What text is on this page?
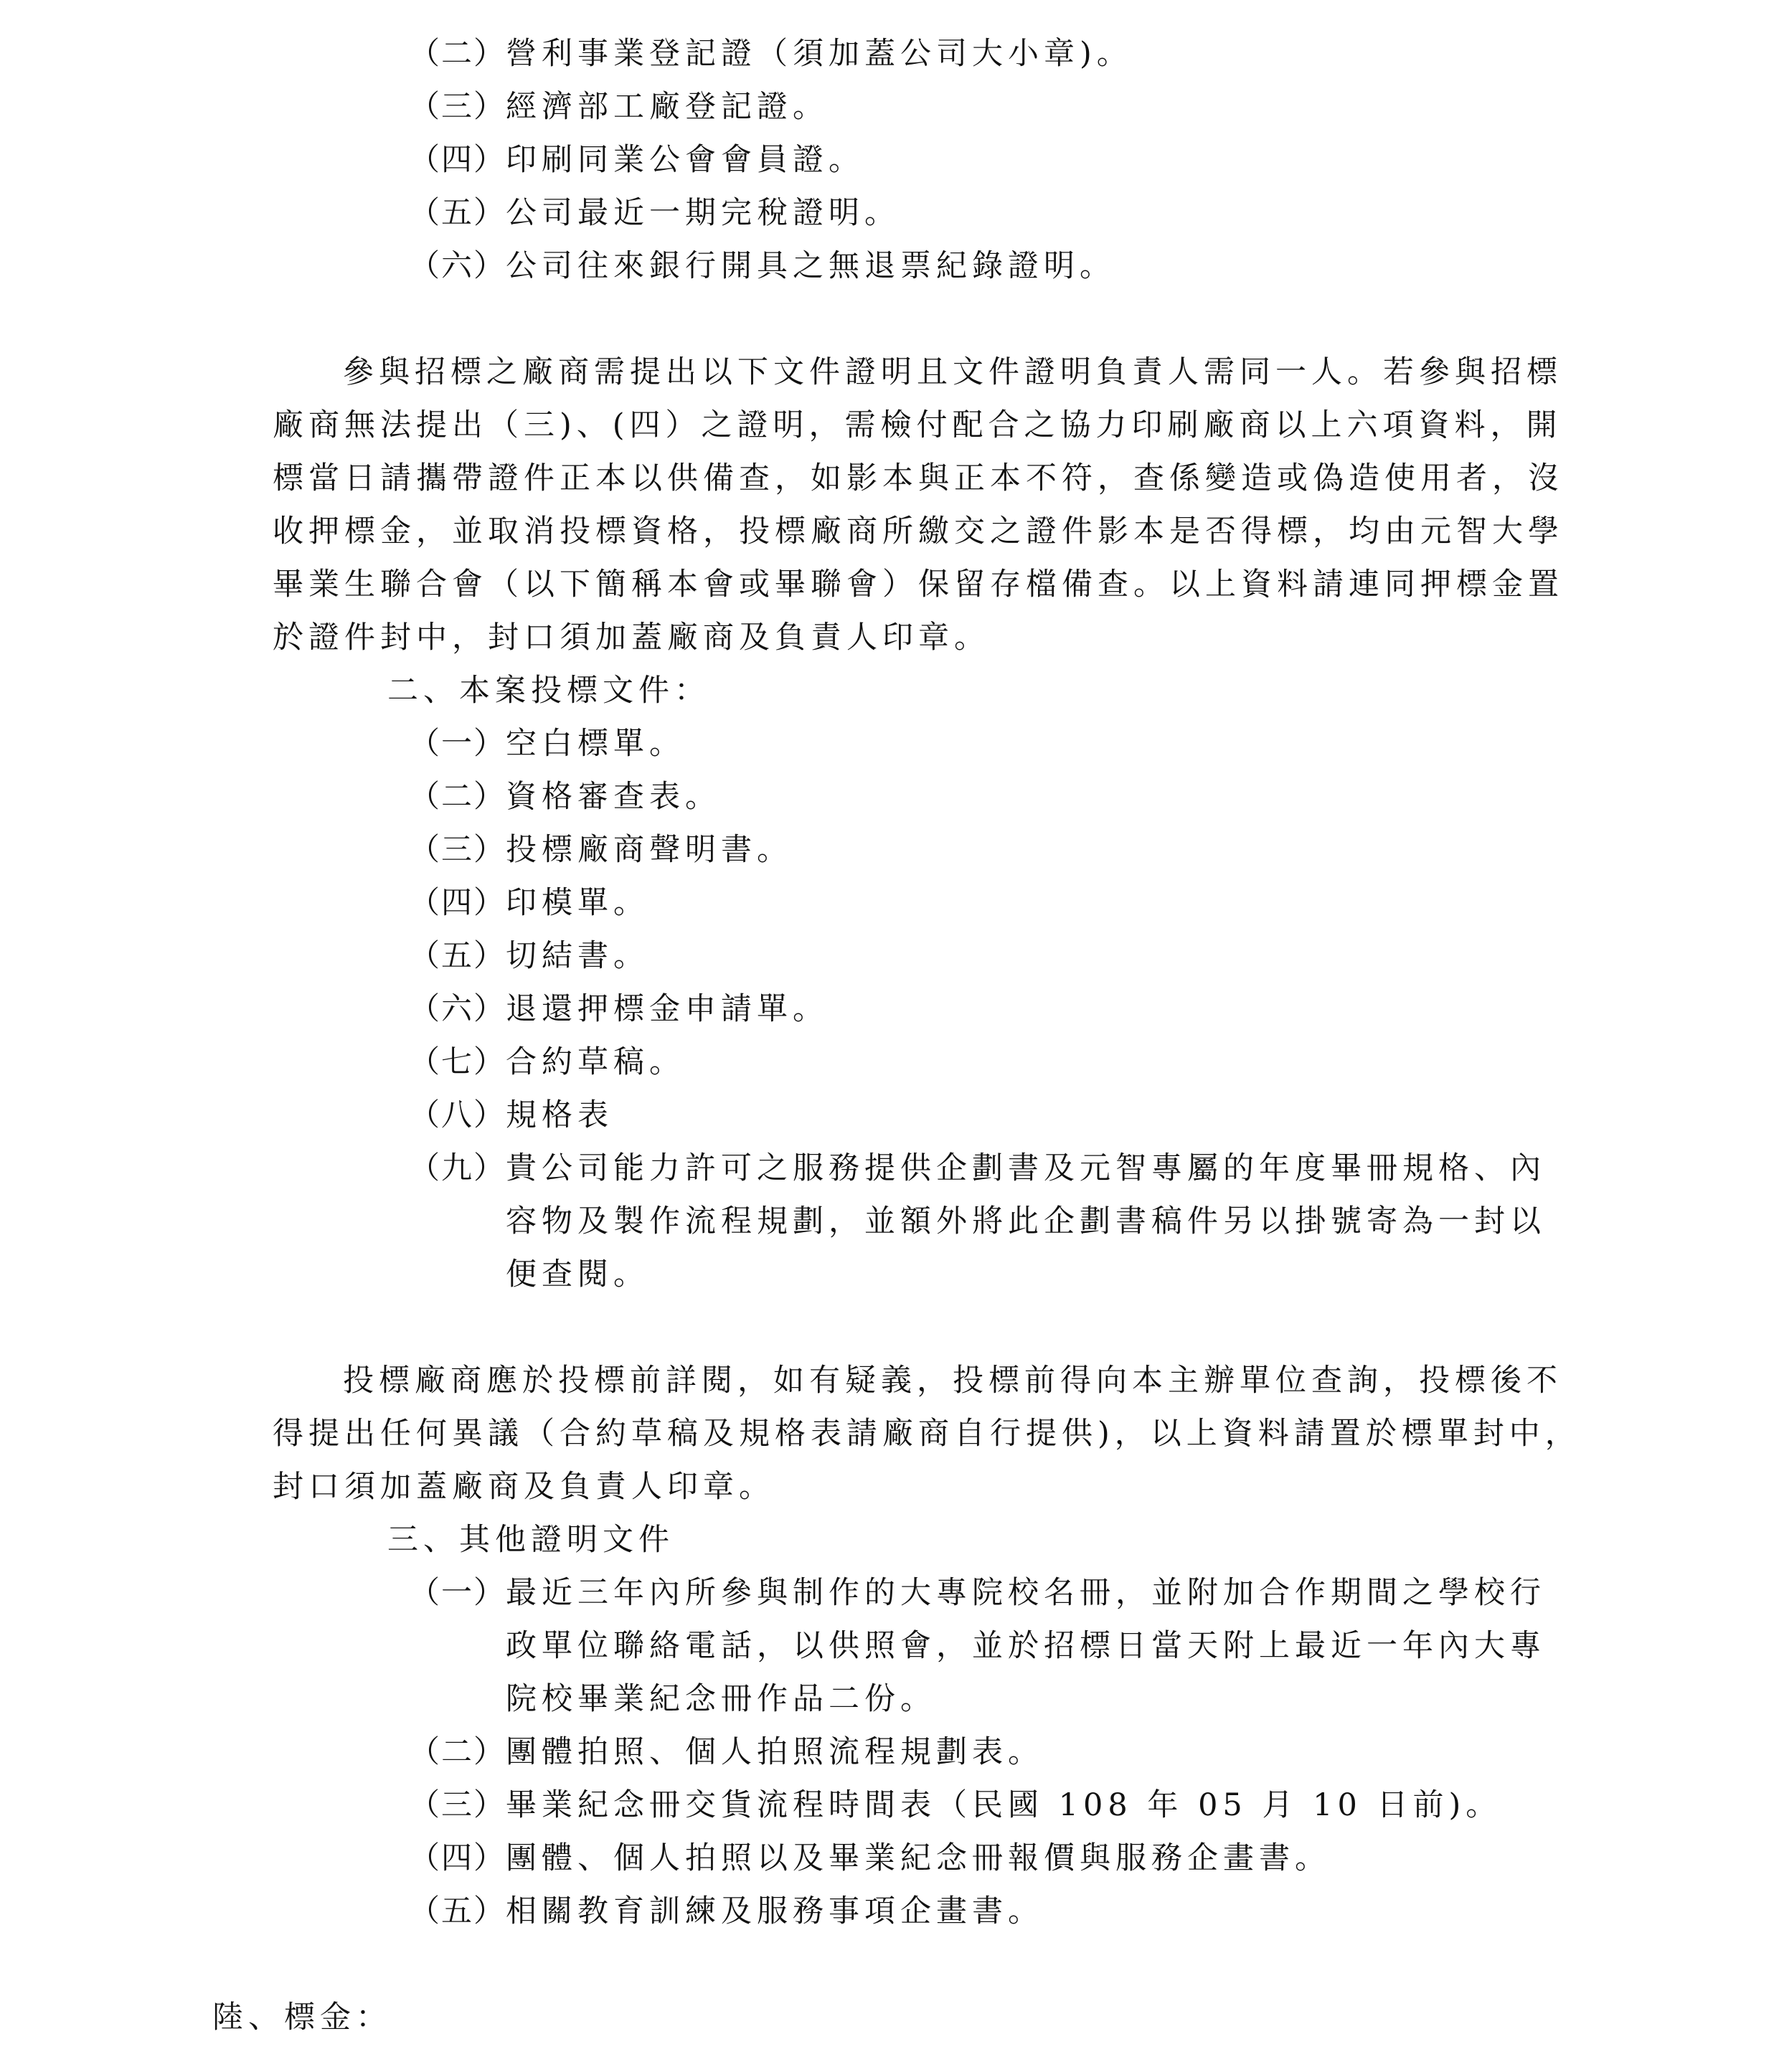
（二）營利事業登記證（須加蓋公司大小章)。
（三）經濟部工廠登記證。
（四）印刷同業公會會員證。
（五）公司最近一期完稅證明。
（六）公司往來銀行開具之無退票紀錄證明。
參與招標之廠商需提出以下文件證明且文件證明負責人需同一人。若參與招標
廠商無法提出（三)、(四）之證明，需檢付配合之協力印刷廠商以上六項資料，開
標當日請攜帶證件正本以供備查，如影本與正本不符，查係變造或偽造使用者，沒
收押標金，並取消投標資格，投標廠商所繳交之證件影本是否得標，均由元智大學
畢業生聯合會（以下簡稱本會或畢聯會）保留存檔備查。以上資料請連同押標金置
於證件封中，封口須加蓋廠商及負責人印章。
二、本案投標文件：
（一）空白標單。
（二）資格審查表。
（三）投標廠商聲明書。
（四）印模單。
（五）切結書。
（六）退還押標金申請單。
（七）合約草稿。
（八）規格表
（九）貴公司能力許可之服務提供企劃書及元智專屬的年度畢冊規格、內
容物及製作流程規劃，並額外將此企劃書稿件另以掛號寄為一封以
便查閱。
投標廠商應於投標前詳閱，如有疑義，投標前得向本主辦單位查詢，投標後不
得提出任何異議（合約草稿及規格表請廠商自行提供)，以上資料請置於標單封中，
封口須加蓋廠商及負責人印章。
三、其他證明文件
（一）最近三年內所參與制作的大專院校名冊，並附加合作期間之學校行
政單位聯絡電話，以供照會，並於招標日當天附上最近一年內大專
院校畢業紀念冊作品二份。
（二）團體拍照、個人拍照流程規劃表。
（三）畢業紀念冊交貨流程時間表（民國 108 年 05 月 10 日前)。
（四）團體、個人拍照以及畢業紀念冊報價與服務企畫書。
（五）相關教育訓練及服務事項企畫書。
陸、標金：
